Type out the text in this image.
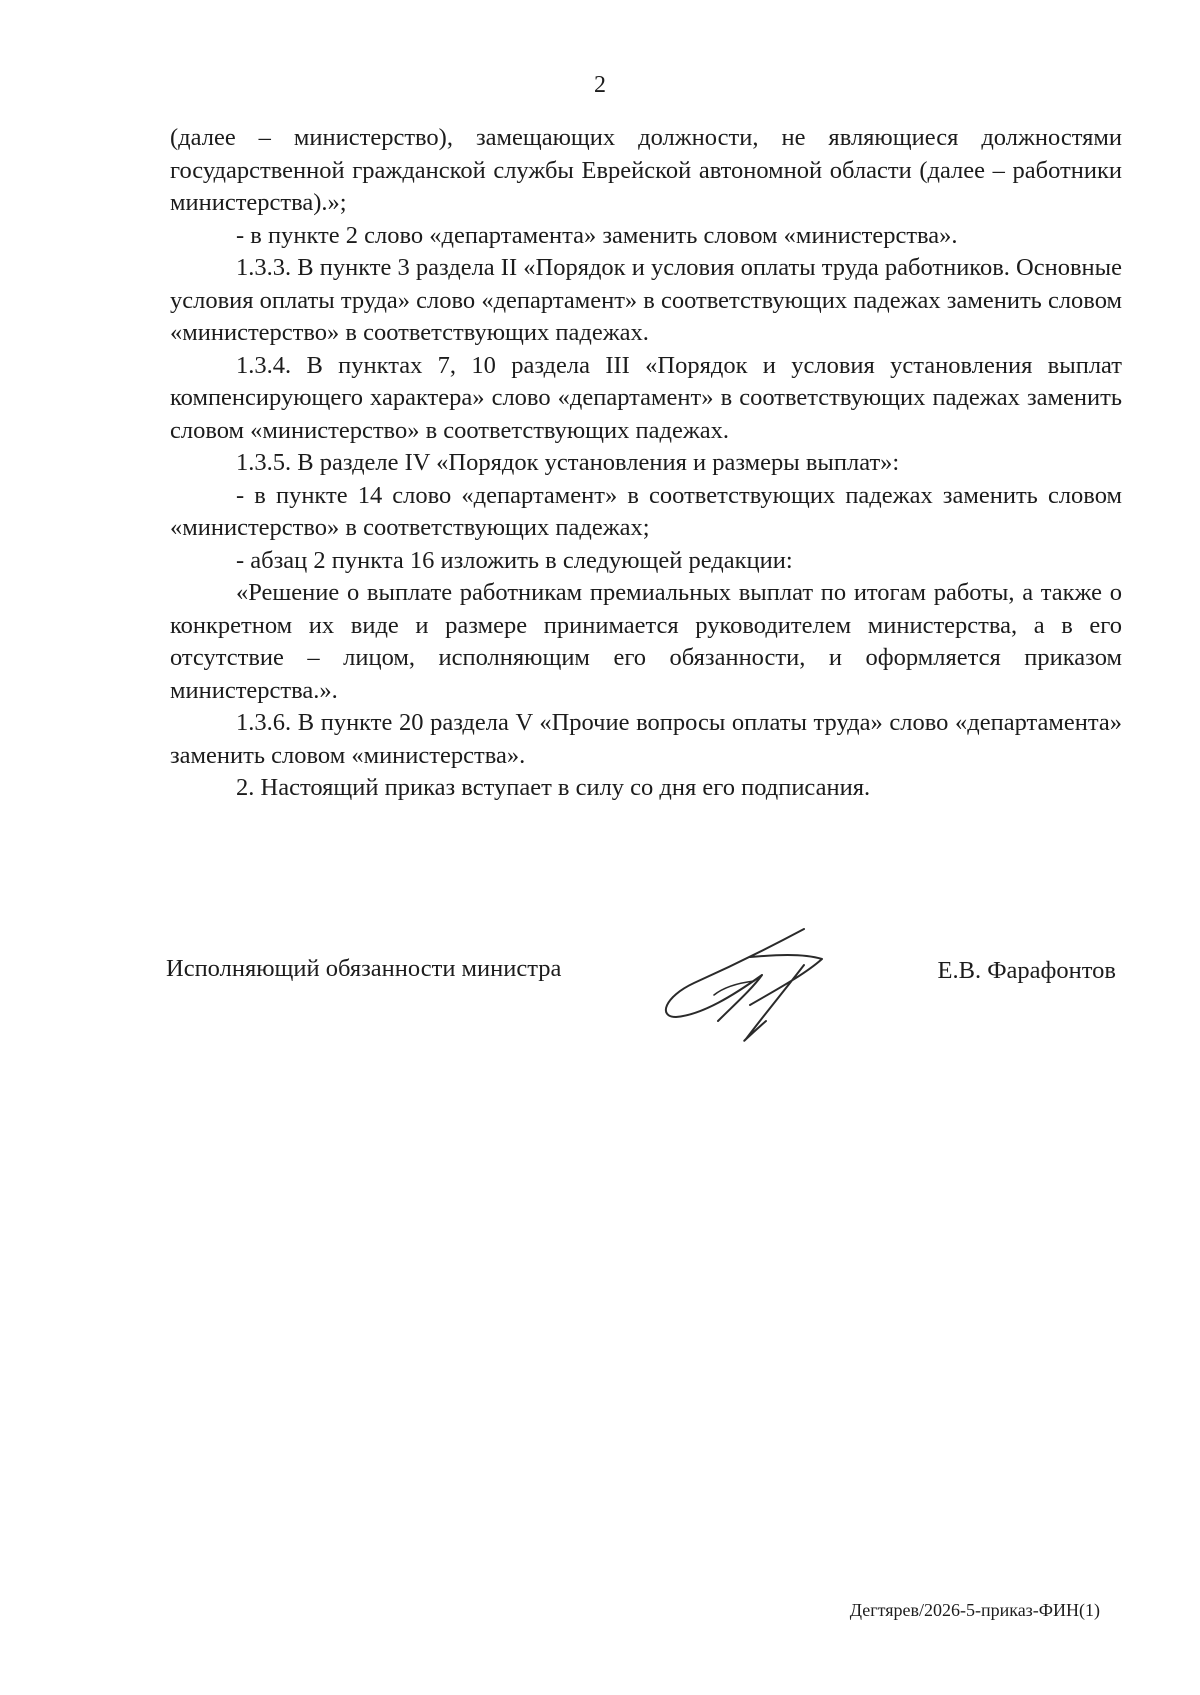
2

(далее – министерство), замещающих должности, не являющиеся должностями государственной гражданской службы Еврейской автономной области (далее – работники министерства).»;

- в пункте 2 слово «департамента» заменить словом «министерства».

1.3.3. В пункте 3 раздела II «Порядок и условия оплаты труда работников. Основные условия оплаты труда» слово «департамент» в соответствующих падежах заменить словом «министерство» в соответствующих падежах.

1.3.4. В пунктах 7, 10 раздела III «Порядок и условия установления выплат компенсирующего характера» слово «департамент» в соответствующих падежах заменить словом «министерство» в соответствующих падежах.

1.3.5. В разделе IV «Порядок установления и размеры выплат»:

- в пункте 14 слово «департамент» в соответствующих падежах заменить словом «министерство» в соответствующих падежах;

- абзац 2 пункта 16 изложить в следующей редакции:

«Решение о выплате работникам премиальных выплат по итогам работы, а также о конкретном их виде и размере принимается руководителем министерства, а в его отсутствие – лицом, исполняющим его обязанности, и оформляется приказом министерства.».

1.3.6. В пункте 20 раздела V «Прочие вопросы оплаты труда» слово «департамента» заменить словом «министерства».

2. Настоящий приказ вступает в силу со дня его подписания.

Исполняющий обязанности министра	Е.В. Фарафонтов
Дегтярев/2026-5-приказ-ФИН(1)
